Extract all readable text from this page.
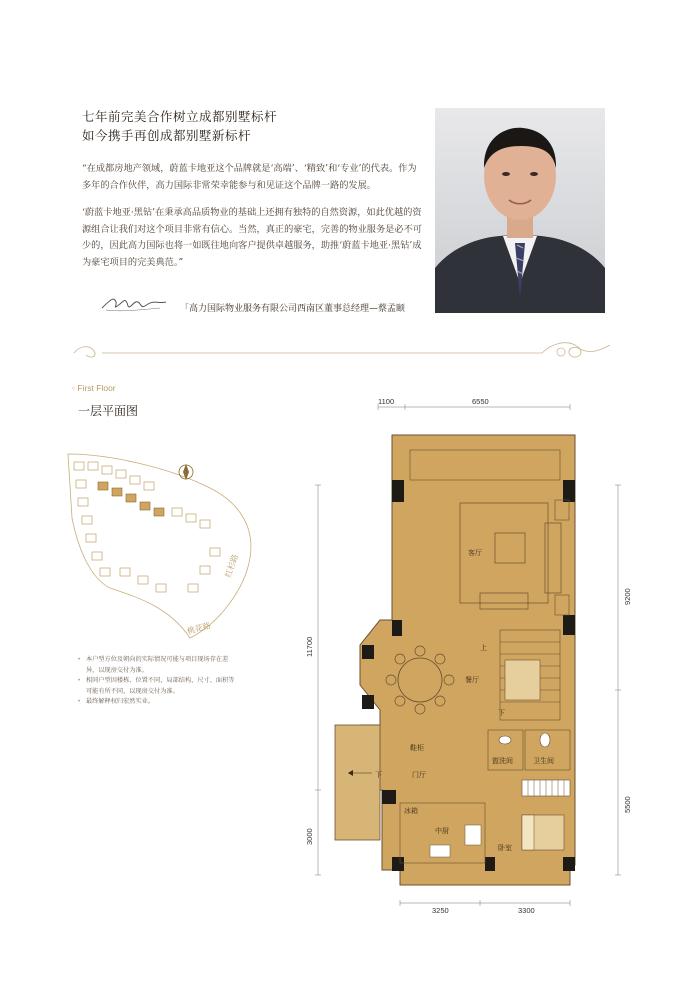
七年前完美合作树立成都别墅标杆
如今携手再创成都别墅新标杆
“在成都房地产领域，蔚蓝卡地亚这个品牌就是‘高端’、‘精致’和‘专业’的代表。作为多年的合作伙伴，高力国际非常荣幸能参与和见证这个品牌一路的发展。
‘蔚蓝卡地亚·黑钻’在秉承高品质物业的基础上还拥有独特的自然资源，如此优越的资源组合让我们对这个项目非常有信心。当然，真正的豪宅，完善的物业服务是必不可少的，因此高力国际也将一如既往地向客户提供卓越服务，助推‘蔚蓝卡地亚·黑钻’成为豪宅项目的完美典范。”
「高力国际物业服务有限公司西南区董事总经理—蔡孟颐
◦ First Floor
一层平面图
红杉路
桃花路
• 本户型方位及朝向的实际情况可能与项目现场存在差异，以现房交付为准。
• 相同户型因楼栋、位置不同，局部结构、尺寸、面积等可能有所不同，以现房交付为准。
• 最终解释权归宏然实业。
1100	6550
11700
3000
9200
5500
3250	3300
客厅
餐厅
鞋柜
门厅
冰箱
中厨
盥洗间	卫生间
卧室
上
下
下
